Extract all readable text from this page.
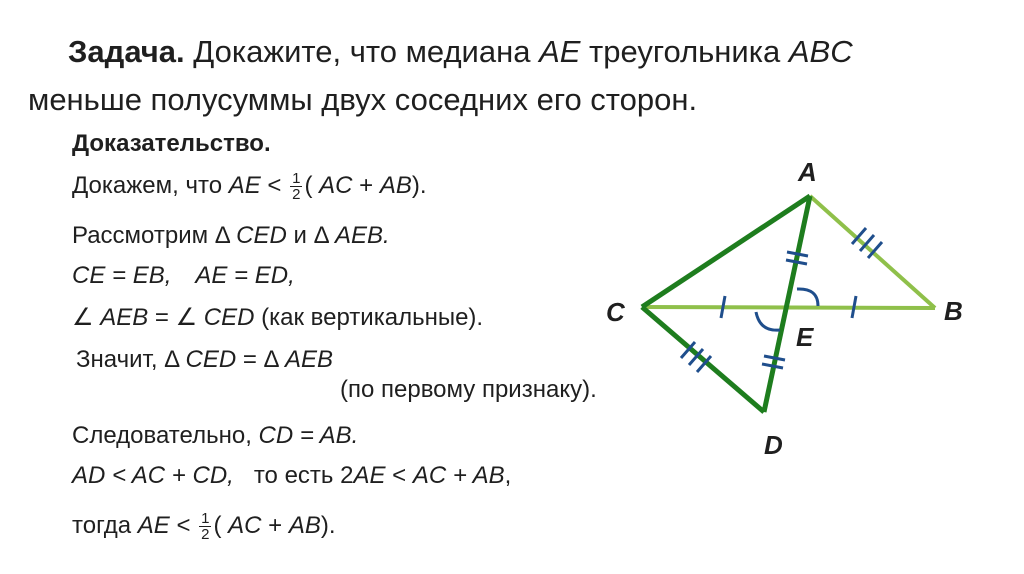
Задача. Докажите, что медиана AE треугольника ABC
меньше полусуммы двух соседних его сторон.
Доказательство.
Докажем, что AE < $\frac{1}{2}$ ( AC + AB).
Рассмотрим Δ CED и Δ AEB.
CE = EB, AE = ED,
∠ AEB = ∠ CED (как вертикальные).
Значит, Δ CED = Δ AEB
(по первому признаку).
Следовательно, CD = AB.
AD < AC + CD, то есть 2AE < AC + AB,
тогда AE < $\frac{1}{2}$ ( AC + AB).
A
B
C
D
E
